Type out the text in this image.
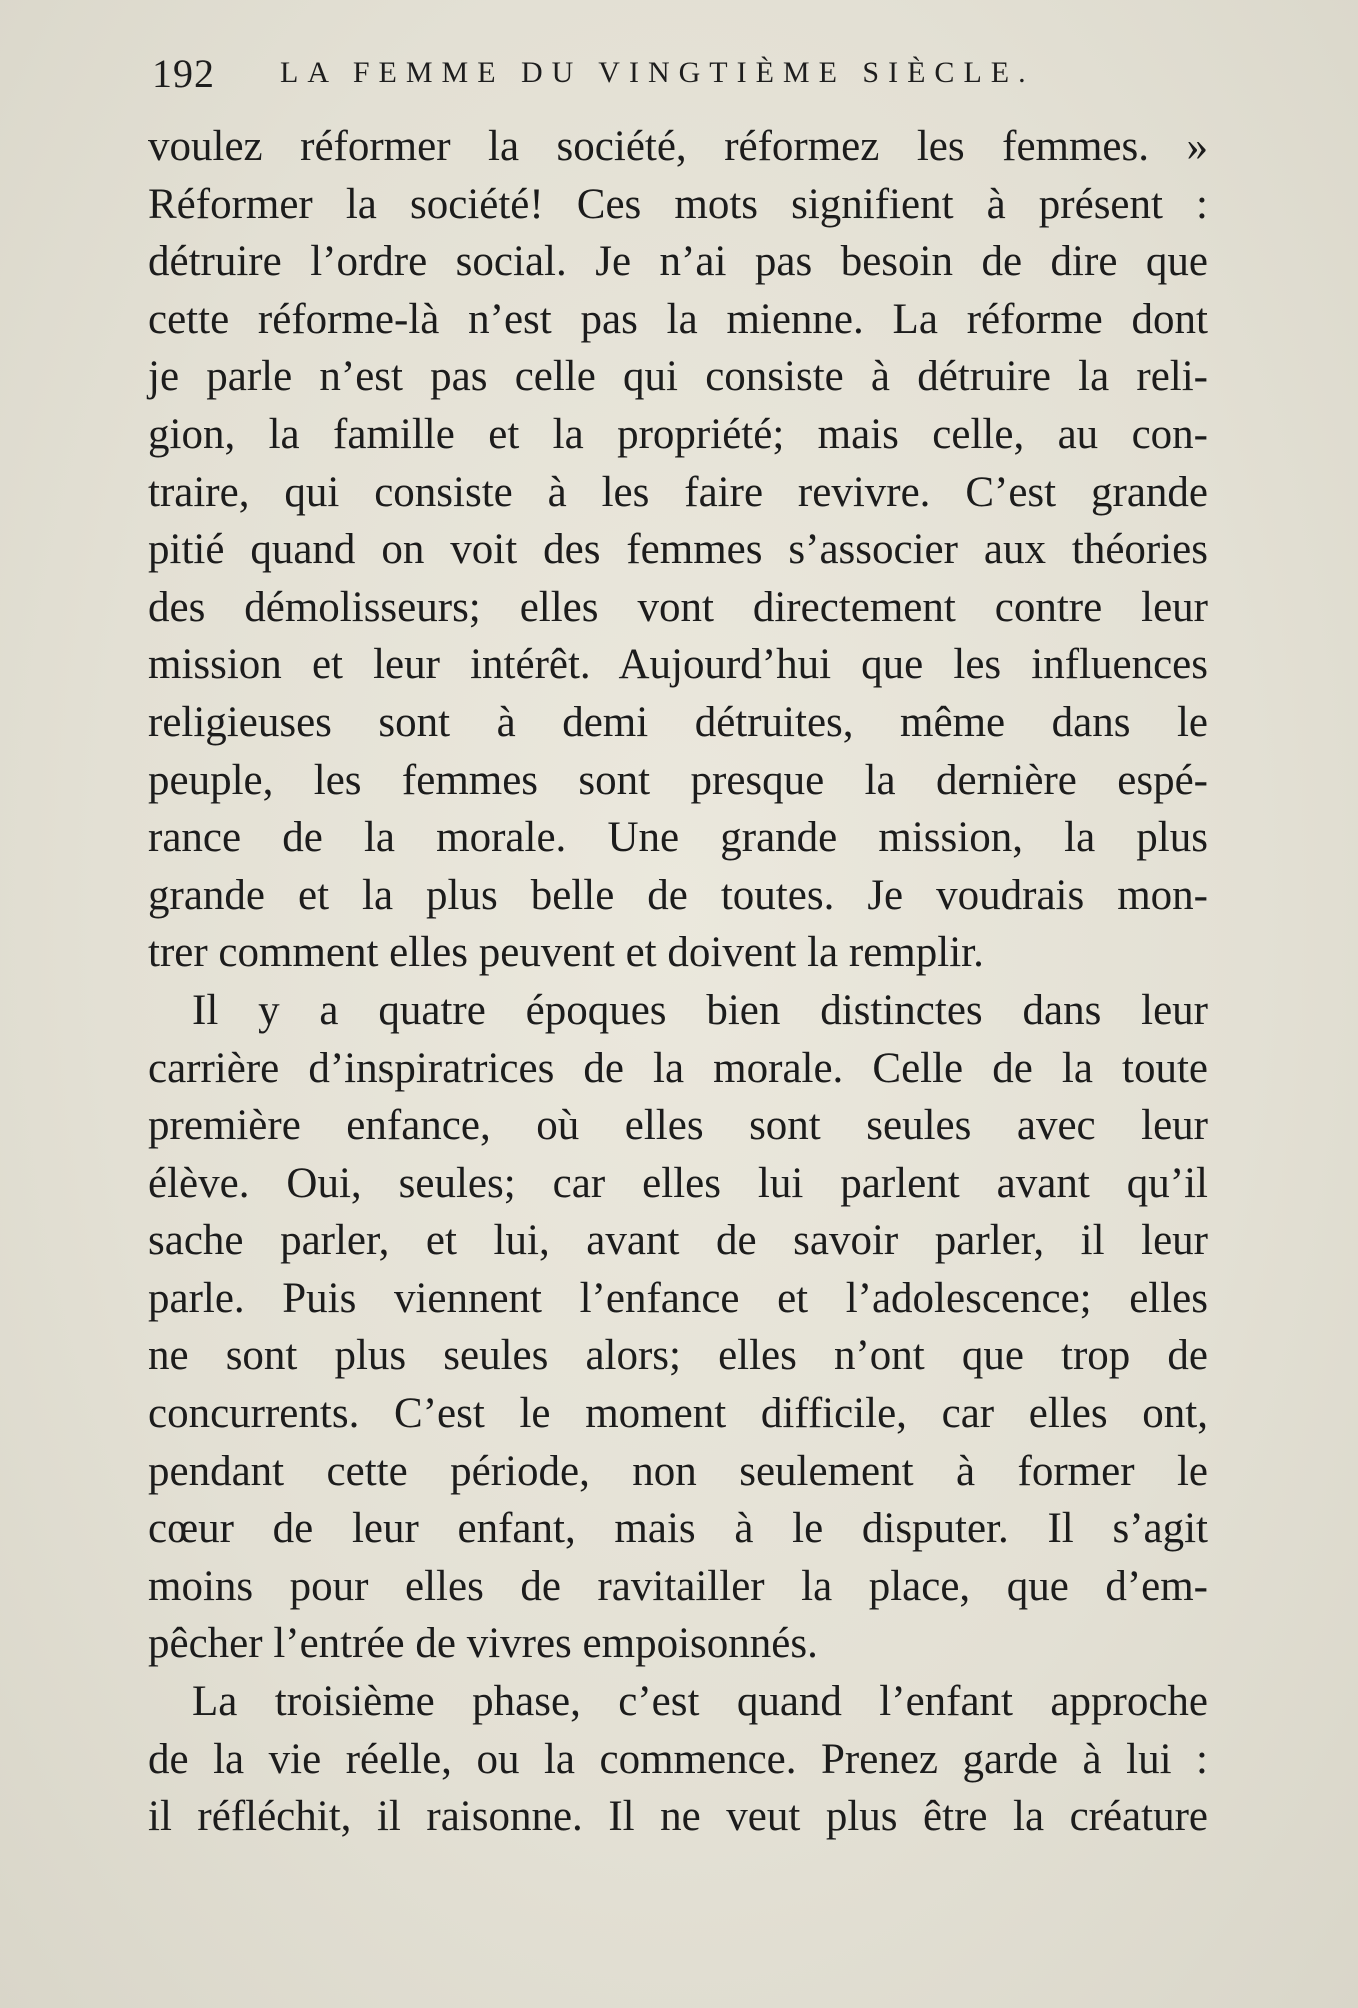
192 LA FEMME DU VINGTIÈME SIÈCLE.
voulez réformer la société, réformez les femmes. »
Réformer la société! Ces mots signifient à présent :
détruire l’ordre social. Je n’ai pas besoin de dire que
cette réforme-là n’est pas la mienne. La réforme dont
je parle n’est pas celle qui consiste à détruire la reli-
gion, la famille et la propriété; mais celle, au con-
traire, qui consiste à les faire revivre. C’est grande
pitié quand on voit des femmes s’associer aux théories
des démolisseurs; elles vont directement contre leur
mission et leur intérêt. Aujourd’hui que les influences
religieuses sont à demi détruites, même dans le
peuple, les femmes sont presque la dernière espé-
rance de la morale. Une grande mission, la plus
grande et la plus belle de toutes. Je voudrais mon-
trer comment elles peuvent et doivent la remplir.
Il y a quatre époques bien distinctes dans leur
carrière d’inspiratrices de la morale. Celle de la toute
première enfance, où elles sont seules avec leur
élève. Oui, seules; car elles lui parlent avant qu’il
sache parler, et lui, avant de savoir parler, il leur
parle. Puis viennent l’enfance et l’adolescence; elles
ne sont plus seules alors; elles n’ont que trop de
concurrents. C’est le moment difficile, car elles ont,
pendant cette période, non seulement à former le
cœur de leur enfant, mais à le disputer. Il s’agit
moins pour elles de ravitailler la place, que d’em-
pêcher l’entrée de vivres empoisonnés.
La troisième phase, c’est quand l’enfant approche
de la vie réelle, ou la commence. Prenez garde à lui :
il réfléchit, il raisonne. Il ne veut plus être la créature
